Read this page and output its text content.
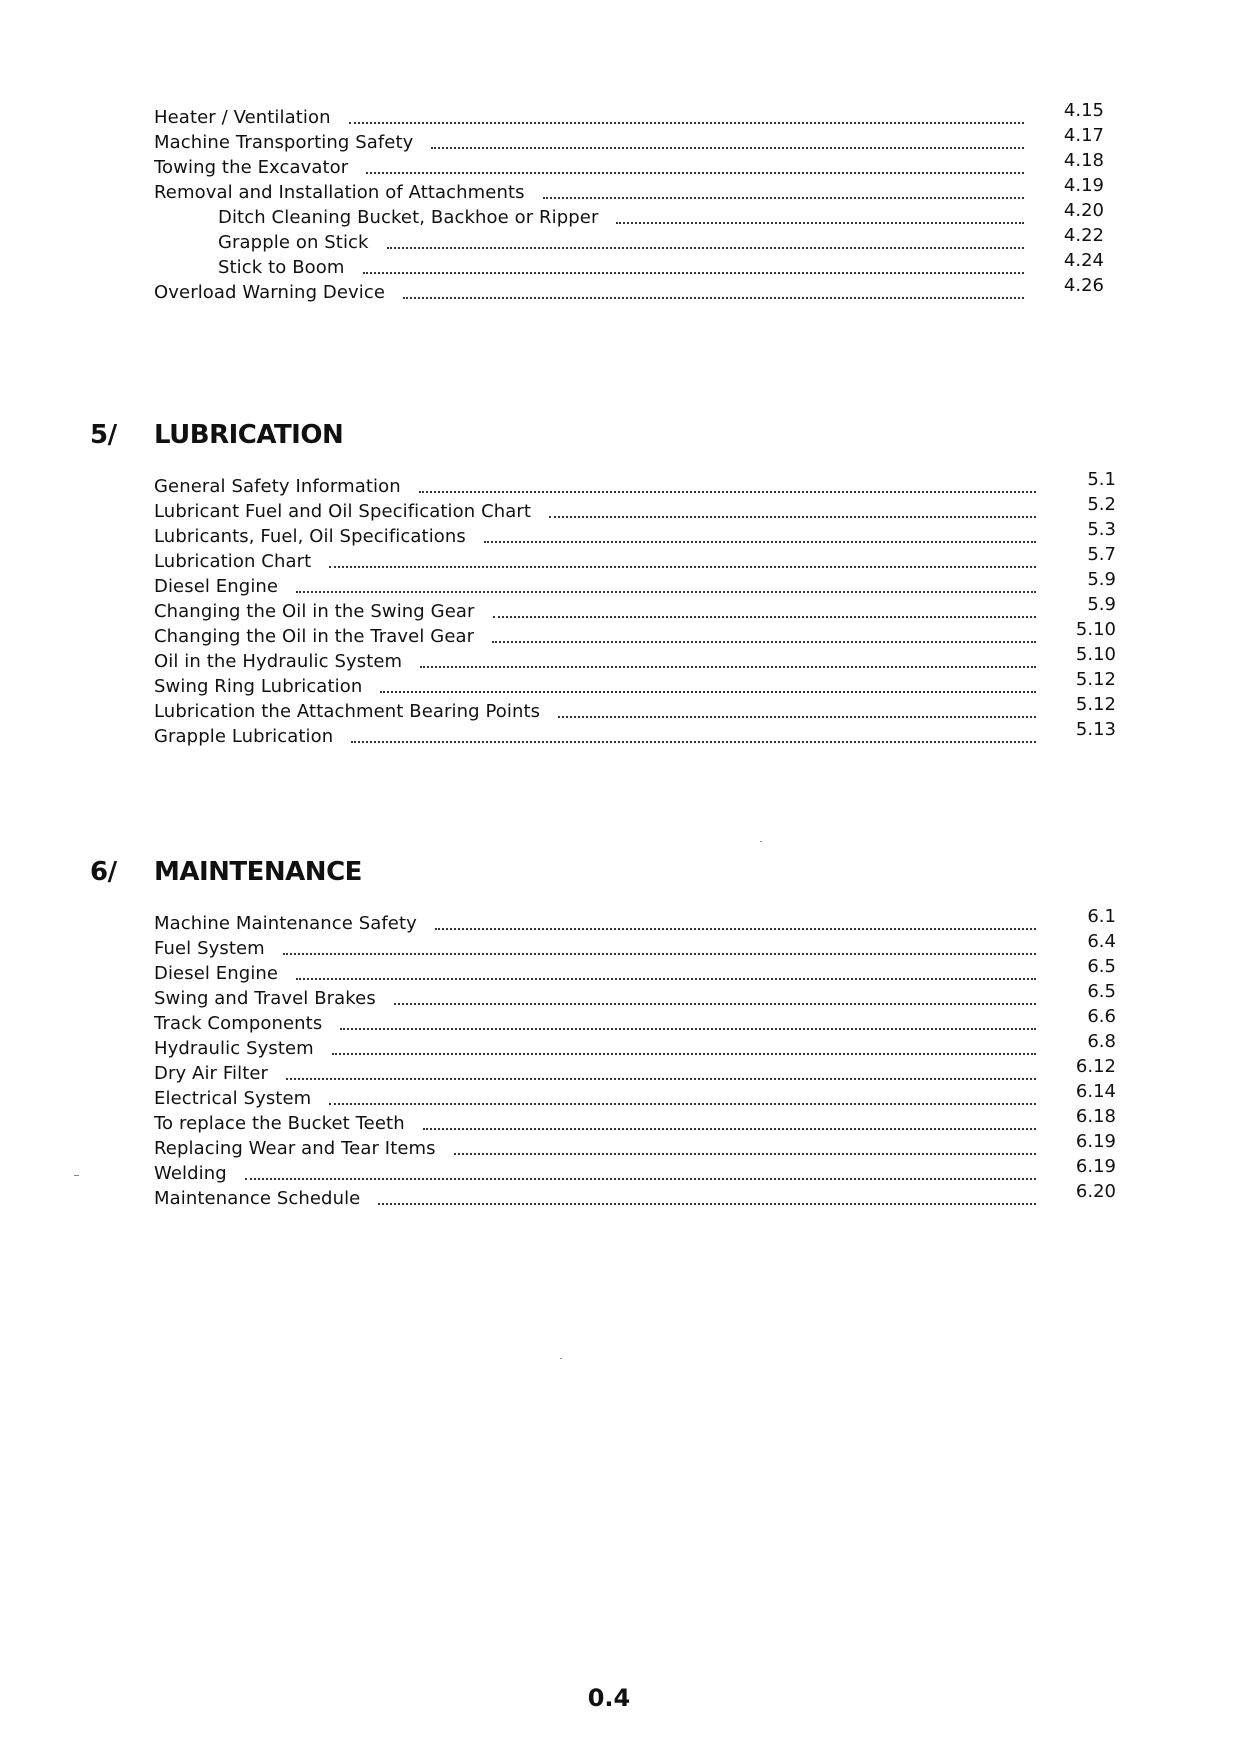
Heater / Ventilation	4.15
Machine Transporting Safety	4.17
Towing the Excavator	4.18
Removal and Installation of Attachments	4.19
Ditch Cleaning Bucket, Backhoe or Ripper	4.20
Grapple on Stick	4.22
Stick to Boom	4.24
Overload Warning Device	4.26
5/	LUBRICATION
General Safety Information	5.1
Lubricant Fuel and Oil Specification Chart	5.2
Lubricants, Fuel, Oil Specifications	5.3
Lubrication Chart	5.7
Diesel Engine	5.9
Changing the Oil in the Swing Gear	5.9
Changing the Oil in the Travel Gear	5.10
Oil in the Hydraulic System	5.10
Swing Ring Lubrication	5.12
Lubrication the Attachment Bearing Points	5.12
Grapple Lubrication	5.13
6/	MAINTENANCE
Machine Maintenance Safety	6.1
Fuel System	6.4
Diesel Engine	6.5
Swing and Travel Brakes	6.5
Track Components	6.6
Hydraulic System	6.8
Dry Air Filter	6.12
Electrical System	6.14
To replace the Bucket Teeth	6.18
Replacing Wear and Tear Items	6.19
Welding	6.19
Maintenance Schedule	6.20
0.4
